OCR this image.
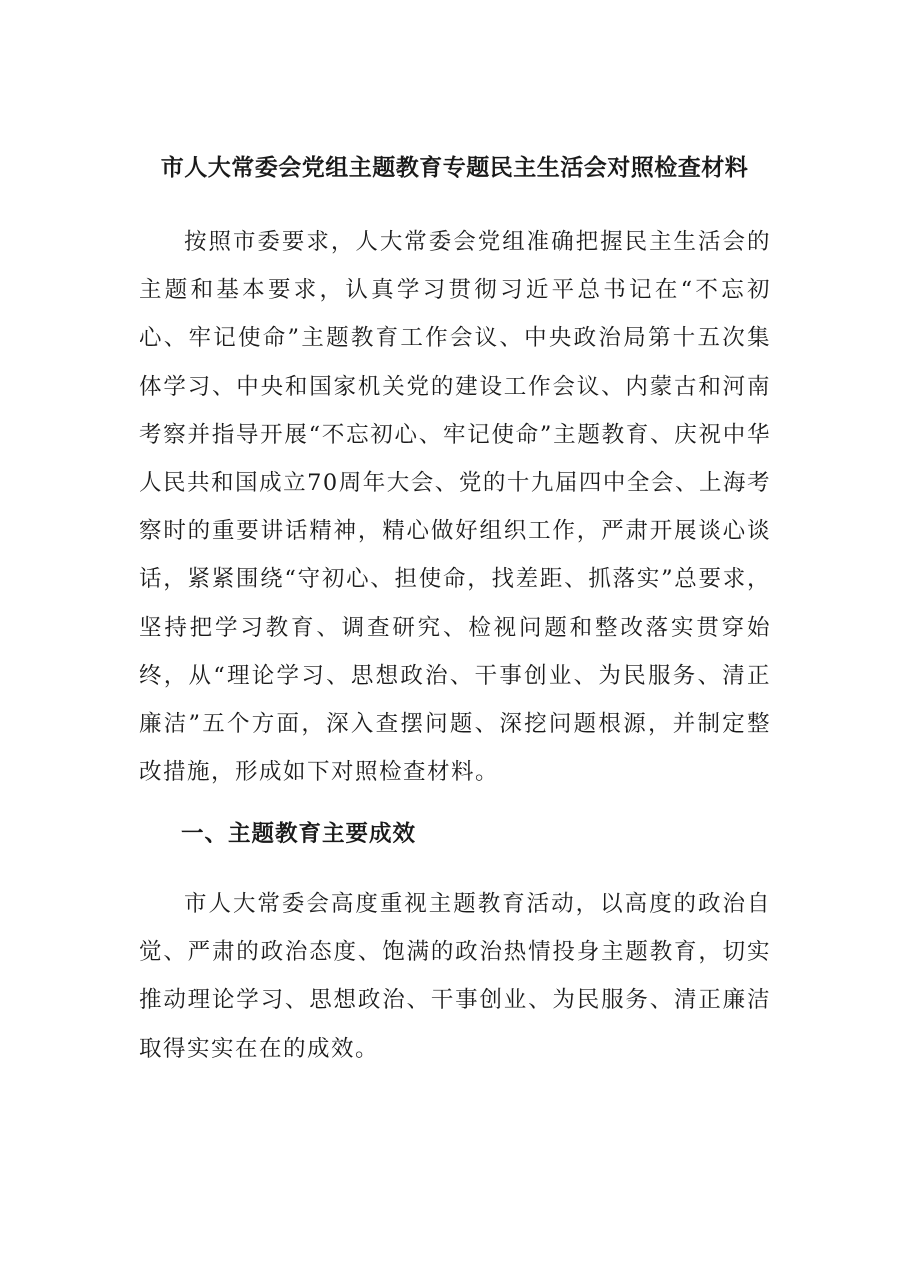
市人大常委会党组主题教育专题民主生活会对照检查材料

按照市委要求，人大常委会党组准确把握民主生活会的主题和基本要求，认真学习贯彻习近平总书记在“不忘初心、牢记使命”主题教育工作会议、中央政治局第十五次集体学习、中央和国家机关党的建设工作会议、内蒙古和河南考察并指导开展“不忘初心、牢记使命”主题教育、庆祝中华人民共和国成立70周年大会、党的十九届四中全会、上海考察时的重要讲话精神，精心做好组织工作，严肃开展谈心谈话，紧紧围绕“守初心、担使命，找差距、抓落实”总要求，坚持把学习教育、调查研究、检视问题和整改落实贯穿始终，从“理论学习、思想政治、干事创业、为民服务、清正廉洁”五个方面，深入查摆问题、深挖问题根源，并制定整改措施，形成如下对照检查材料。

一、主题教育主要成效

市人大常委会高度重视主题教育活动，以高度的政治自觉、严肃的政治态度、饱满的政治热情投身主题教育，切实推动理论学习、思想政治、干事创业、为民服务、清正廉洁取得实实在在的成效。
